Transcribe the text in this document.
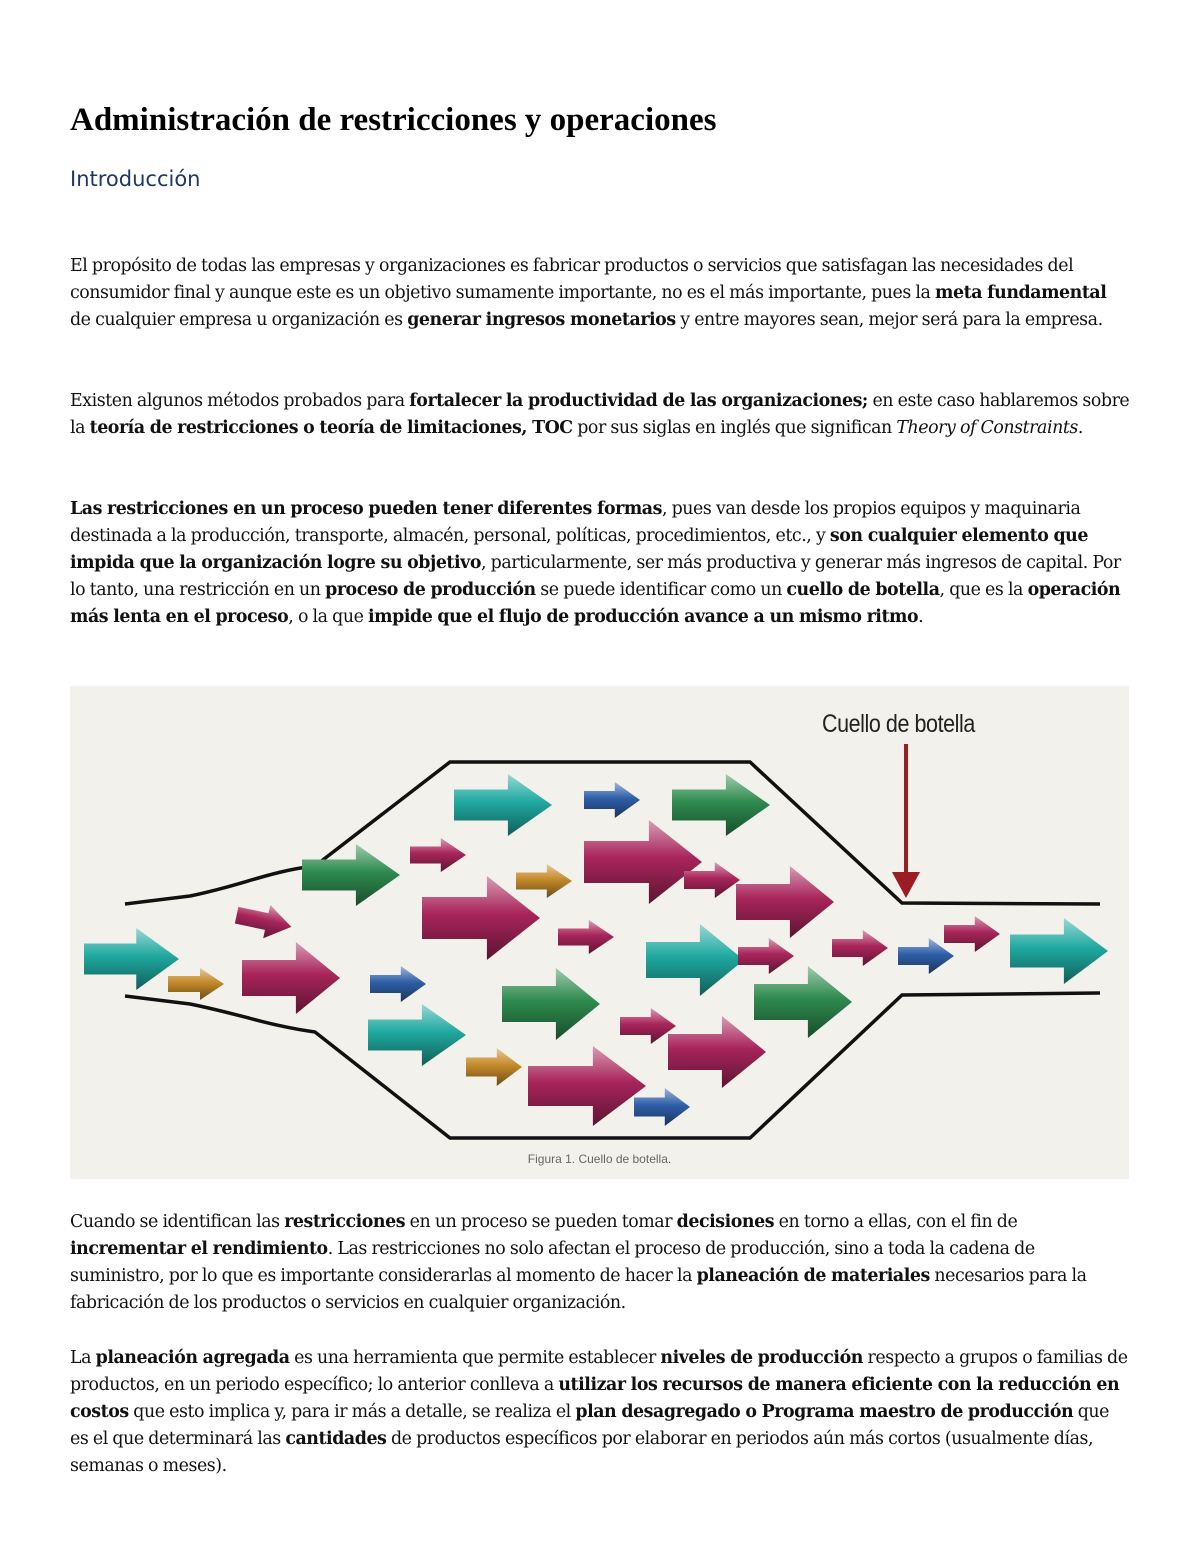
Administración de restricciones y operaciones
Introducción

El propósito de todas las empresas y organizaciones es fabricar productos o servicios que satisfagan las necesidades del consumidor final y aunque este es un objetivo sumamente importante, no es el más importante, pues la meta fundamental de cualquier empresa u organización es generar ingresos monetarios y entre mayores sean, mejor será para la empresa.

Existen algunos métodos probados para fortalecer la productividad de las organizaciones; en este caso hablaremos sobre la teoría de restricciones o teoría de limitaciones, TOC por sus siglas en inglés que significan Theory of Constraints.

Las restricciones en un proceso pueden tener diferentes formas, pues van desde los propios equipos y maquinaria destinada a la producción, transporte, almacén, personal, políticas, procedimientos, etc., y son cualquier elemento que impida que la organización logre su objetivo, particularmente, ser más productiva y generar más ingresos de capital. Por lo tanto, una restricción en un proceso de producción se puede identificar como un cuello de botella, que es la operación más lenta en el proceso, o la que impide que el flujo de producción avance a un mismo ritmo.

Cuando se identifican las restricciones en un proceso se pueden tomar decisiones en torno a ellas, con el fin de incrementar el rendimiento. Las restricciones no solo afectan el proceso de producción, sino a toda la cadena de suministro, por lo que es importante considerarlas al momento de hacer la planeación de materiales necesarios para la fabricación de los productos o servicios en cualquier organización.

La planeación agregada es una herramienta que permite establecer niveles de producción respecto a grupos o familias de productos, en un periodo específico; lo anterior conlleva a utilizar los recursos de manera eficiente con la reducción en costos que esto implica y, para ir más a detalle, se realiza el plan desagregado o Programa maestro de producción que es el que determinará las cantidades de productos específicos por elaborar en periodos aún más cortos (usualmente días, semanas o meses).

Cuello de botella
Figura 1. Cuello de botella.
